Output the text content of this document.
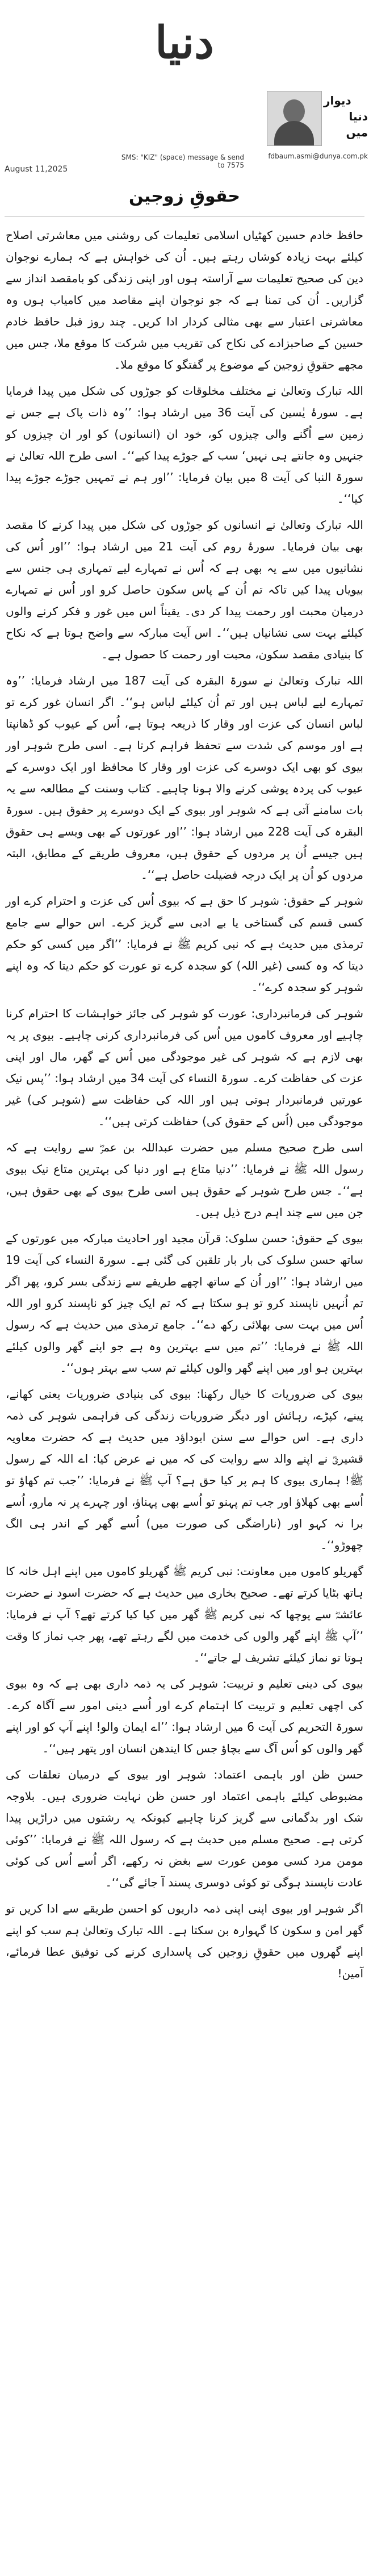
دنیا
دیوار
دنیا میں
SMS: "KIZ" (space) message & send to 7575
fdbaum.asmi@dunya.com.pk
August 11,2025
حقوقِ زوجین

حافظ خادم حسین کھٹیاں اسلامی تعلیمات کی روشنی میں معاشرتی اصلاح کیلئے بہت زیادہ کوشاں رہتے ہیں۔ اُن کی خواہش ہے کہ ہمارے نوجوان دین کی صحیح تعلیمات سے آراستہ ہوں اور اپنی زندگی کو بامقصد انداز سے گزاریں۔ اُن کی تمنا ہے کہ جو نوجوان اپنے مقاصد میں کامیاب ہوں وہ معاشرتی اعتبار سے بھی مثالی کردار ادا کریں۔ چند روز قبل حافظ خادم حسین کے صاحبزادے کی نکاح کی تقریب میں شرکت کا موقع ملا، جس میں مجھے حقوقِ زوجین کے موضوع پر گفتگو کا موقع ملا۔

اللہ تبارک وتعالیٰ نے مختلف مخلوقات کو جوڑوں کی شکل میں پیدا فرمایا ہے۔ سورۂ یٰسین کی آیت 36 میں ارشاد ہوا: ’’وہ ذات پاک ہے جس نے زمین سے اُگنے والی چیزوں کو، خود ان (انسانوں) کو اور ان چیزوں کو جنہیں وہ جانتے ہی نہیں‘ سب کے جوڑے پیدا کیے‘‘۔ اسی طرح اللہ تعالیٰ نے سورۃ النبا کی آیت 8 میں بیان فرمایا: ’’اور ہم نے تمہیں جوڑے جوڑے پیدا کیا‘‘۔

اللہ تبارک وتعالیٰ نے انسانوں کو جوڑوں کی شکل میں پیدا کرنے کا مقصد بھی بیان فرمایا۔ سورۂ روم کی آیت 21 میں ارشاد ہوا: ’’اور اُس کی نشانیوں میں سے یہ بھی ہے کہ اُس نے تمہارے لیے تمہاری ہی جنس سے بیویاں پیدا کیں تاکہ تم اُن کے پاس سکون حاصل کرو اور اُس نے تمہارے درمیان محبت اور رحمت پیدا کر دی۔ یقیناً اس میں غور و فکر کرنے والوں کیلئے بہت سی نشانیاں ہیں‘‘۔ اس آیت مبارکہ سے واضح ہوتا ہے کہ نکاح کا بنیادی مقصد سکون، محبت اور رحمت کا حصول ہے۔

اللہ تبارک وتعالیٰ نے سورۃ البقرہ کی آیت 187 میں ارشاد فرمایا: ’’وہ تمہارے لیے لباس ہیں اور تم اُن کیلئے لباس ہو‘‘۔ اگر انسان غور کرے تو لباس انسان کی عزت اور وقار کا ذریعہ ہوتا ہے، اُس کے عیوب کو ڈھانپتا ہے اور موسم کی شدت سے تحفظ فراہم کرتا ہے۔ اسی طرح شوہر اور بیوی کو بھی ایک دوسرے کی عزت اور وقار کا محافظ اور ایک دوسرے کے عیوب کی پردہ پوشی کرنے والا ہونا چاہیے۔ کتاب وسنت کے مطالعہ سے یہ بات سامنے آتی ہے کہ شوہر اور بیوی کے ایک دوسرے پر حقوق ہیں۔ سورۃ البقرہ کی آیت 228 میں ارشاد ہوا: ’’اور عورتوں کے بھی ویسے ہی حقوق ہیں جیسے اُن پر مردوں کے حقوق ہیں، معروف طریقے کے مطابق، البتہ مردوں کو اُن پر ایک درجہ فضیلت حاصل ہے‘‘۔

شوہر کے حقوق: شوہر کا حق ہے کہ بیوی اُس کی عزت و احترام کرے اور کسی قسم کی گستاخی یا بے ادبی سے گریز کرے۔ اس حوالے سے جامع ترمذی میں حدیث ہے کہ نبی کریم ﷺ نے فرمایا: ’’اگر میں کسی کو حکم دیتا کہ وہ کسی (غیر اللہ) کو سجدہ کرے تو عورت کو حکم دیتا کہ وہ اپنے شوہر کو سجدہ کرے‘‘۔

شوہر کی فرمانبرداری: عورت کو شوہر کی جائز خواہشات کا احترام کرنا چاہیے اور معروف کاموں میں اُس کی فرمانبرداری کرنی چاہیے۔ بیوی پر یہ بھی لازم ہے کہ شوہر کی غیر موجودگی میں اُس کے گھر، مال اور اپنی عزت کی حفاظت کرے۔ سورۃ النساء کی آیت 34 میں ارشاد ہوا: ’’پس نیک عورتیں فرمانبردار ہوتی ہیں اور اللہ کی حفاظت سے (شوہر کی) غیر موجودگی میں (اُس کے حقوق کی) حفاظت کرتی ہیں‘‘۔

اسی طرح صحیح مسلم میں حضرت عبداللہ بن عمرؓ سے روایت ہے کہ رسول اللہ ﷺ نے فرمایا: ’’دنیا متاع ہے اور دنیا کی بہترین متاع نیک بیوی ہے‘‘۔ جس طرح شوہر کے حقوق ہیں اسی طرح بیوی کے بھی حقوق ہیں، جن میں سے چند اہم درج ذیل ہیں۔

بیوی کے حقوق: حسن سلوک: قرآن مجید اور احادیث مبارکہ میں عورتوں کے ساتھ حسن سلوک کی بار بار تلقین کی گئی ہے۔ سورۃ النساء کی آیت 19 میں ارشاد ہوا: ’’اور اُن کے ساتھ اچھے طریقے سے زندگی بسر کرو، پھر اگر تم اُنہیں ناپسند کرو تو ہو سکتا ہے کہ تم ایک چیز کو ناپسند کرو اور اللہ اُس میں بہت سی بھلائی رکھ دے‘‘۔ جامع ترمذی میں حدیث ہے کہ رسول اللہ ﷺ نے فرمایا: ’’تم میں سے بہترین وہ ہے جو اپنے گھر والوں کیلئے بہترین ہو اور میں اپنے گھر والوں کیلئے تم سب سے بہتر ہوں‘‘۔

بیوی کی ضروریات کا خیال رکھنا: بیوی کی بنیادی ضروریات یعنی کھانے، پینے، کپڑے، رہائش اور دیگر ضروریات زندگی کی فراہمی شوہر کی ذمہ داری ہے۔ اس حوالے سے سنن ابوداؤد میں حدیث ہے کہ حضرت معاویہ قشیریؓ نے اپنے والد سے روایت کی کہ میں نے عرض کیا: اے اللہ کے رسول ﷺ! ہماری بیوی کا ہم پر کیا حق ہے؟ آپ ﷺ نے فرمایا: ’’جب تم کھاؤ تو اُسے بھی کھلاؤ اور جب تم پہنو تو اُسے بھی پہناؤ، اور چہرے پر نہ مارو، اُسے برا نہ کہو اور (ناراضگی کی صورت میں) اُسے گھر کے اندر ہی الگ چھوڑو‘‘۔

گھریلو کاموں میں معاونت: نبی کریم ﷺ گھریلو کاموں میں اپنے اہل خانہ کا ہاتھ بٹایا کرتے تھے۔ صحیح بخاری میں حدیث ہے کہ حضرت اسود نے حضرت عائشہؓ سے پوچھا کہ نبی کریم ﷺ گھر میں کیا کیا کرتے تھے؟ آپ نے فرمایا: ’’آپ ﷺ اپنے گھر والوں کی خدمت میں لگے رہتے تھے، پھر جب نماز کا وقت ہوتا تو نماز کیلئے تشریف لے جاتے‘‘۔

بیوی کی دینی تعلیم و تربیت: شوہر کی یہ ذمہ داری بھی ہے کہ وہ بیوی کی اچھی تعلیم و تربیت کا اہتمام کرے اور اُسے دینی امور سے آگاہ کرے۔ سورۃ التحریم کی آیت 6 میں ارشاد ہوا: ’’اے ایمان والو! اپنے آپ کو اور اپنے گھر والوں کو اُس آگ سے بچاؤ جس کا ایندھن انسان اور پتھر ہیں‘‘۔

حسن ظن اور باہمی اعتماد: شوہر اور بیوی کے درمیان تعلقات کی مضبوطی کیلئے باہمی اعتماد اور حسن ظن نہایت ضروری ہیں۔ بلاوجہ شک اور بدگمانی سے گریز کرنا چاہیے کیونکہ یہ رشتوں میں دراڑیں پیدا کرتی ہے۔ صحیح مسلم میں حدیث ہے کہ رسول اللہ ﷺ نے فرمایا: ’’کوئی مومن مرد کسی مومن عورت سے بغض نہ رکھے، اگر اُسے اُس کی کوئی عادت ناپسند ہوگی تو کوئی دوسری پسند آ جائے گی‘‘۔

اگر شوہر اور بیوی اپنی اپنی ذمہ داریوں کو احسن طریقے سے ادا کریں تو گھر امن و سکون کا گہوارہ بن سکتا ہے۔ اللہ تبارک وتعالیٰ ہم سب کو اپنے اپنے گھروں میں حقوقِ زوجین کی پاسداری کرنے کی توفیق عطا فرمائے، آمین!
